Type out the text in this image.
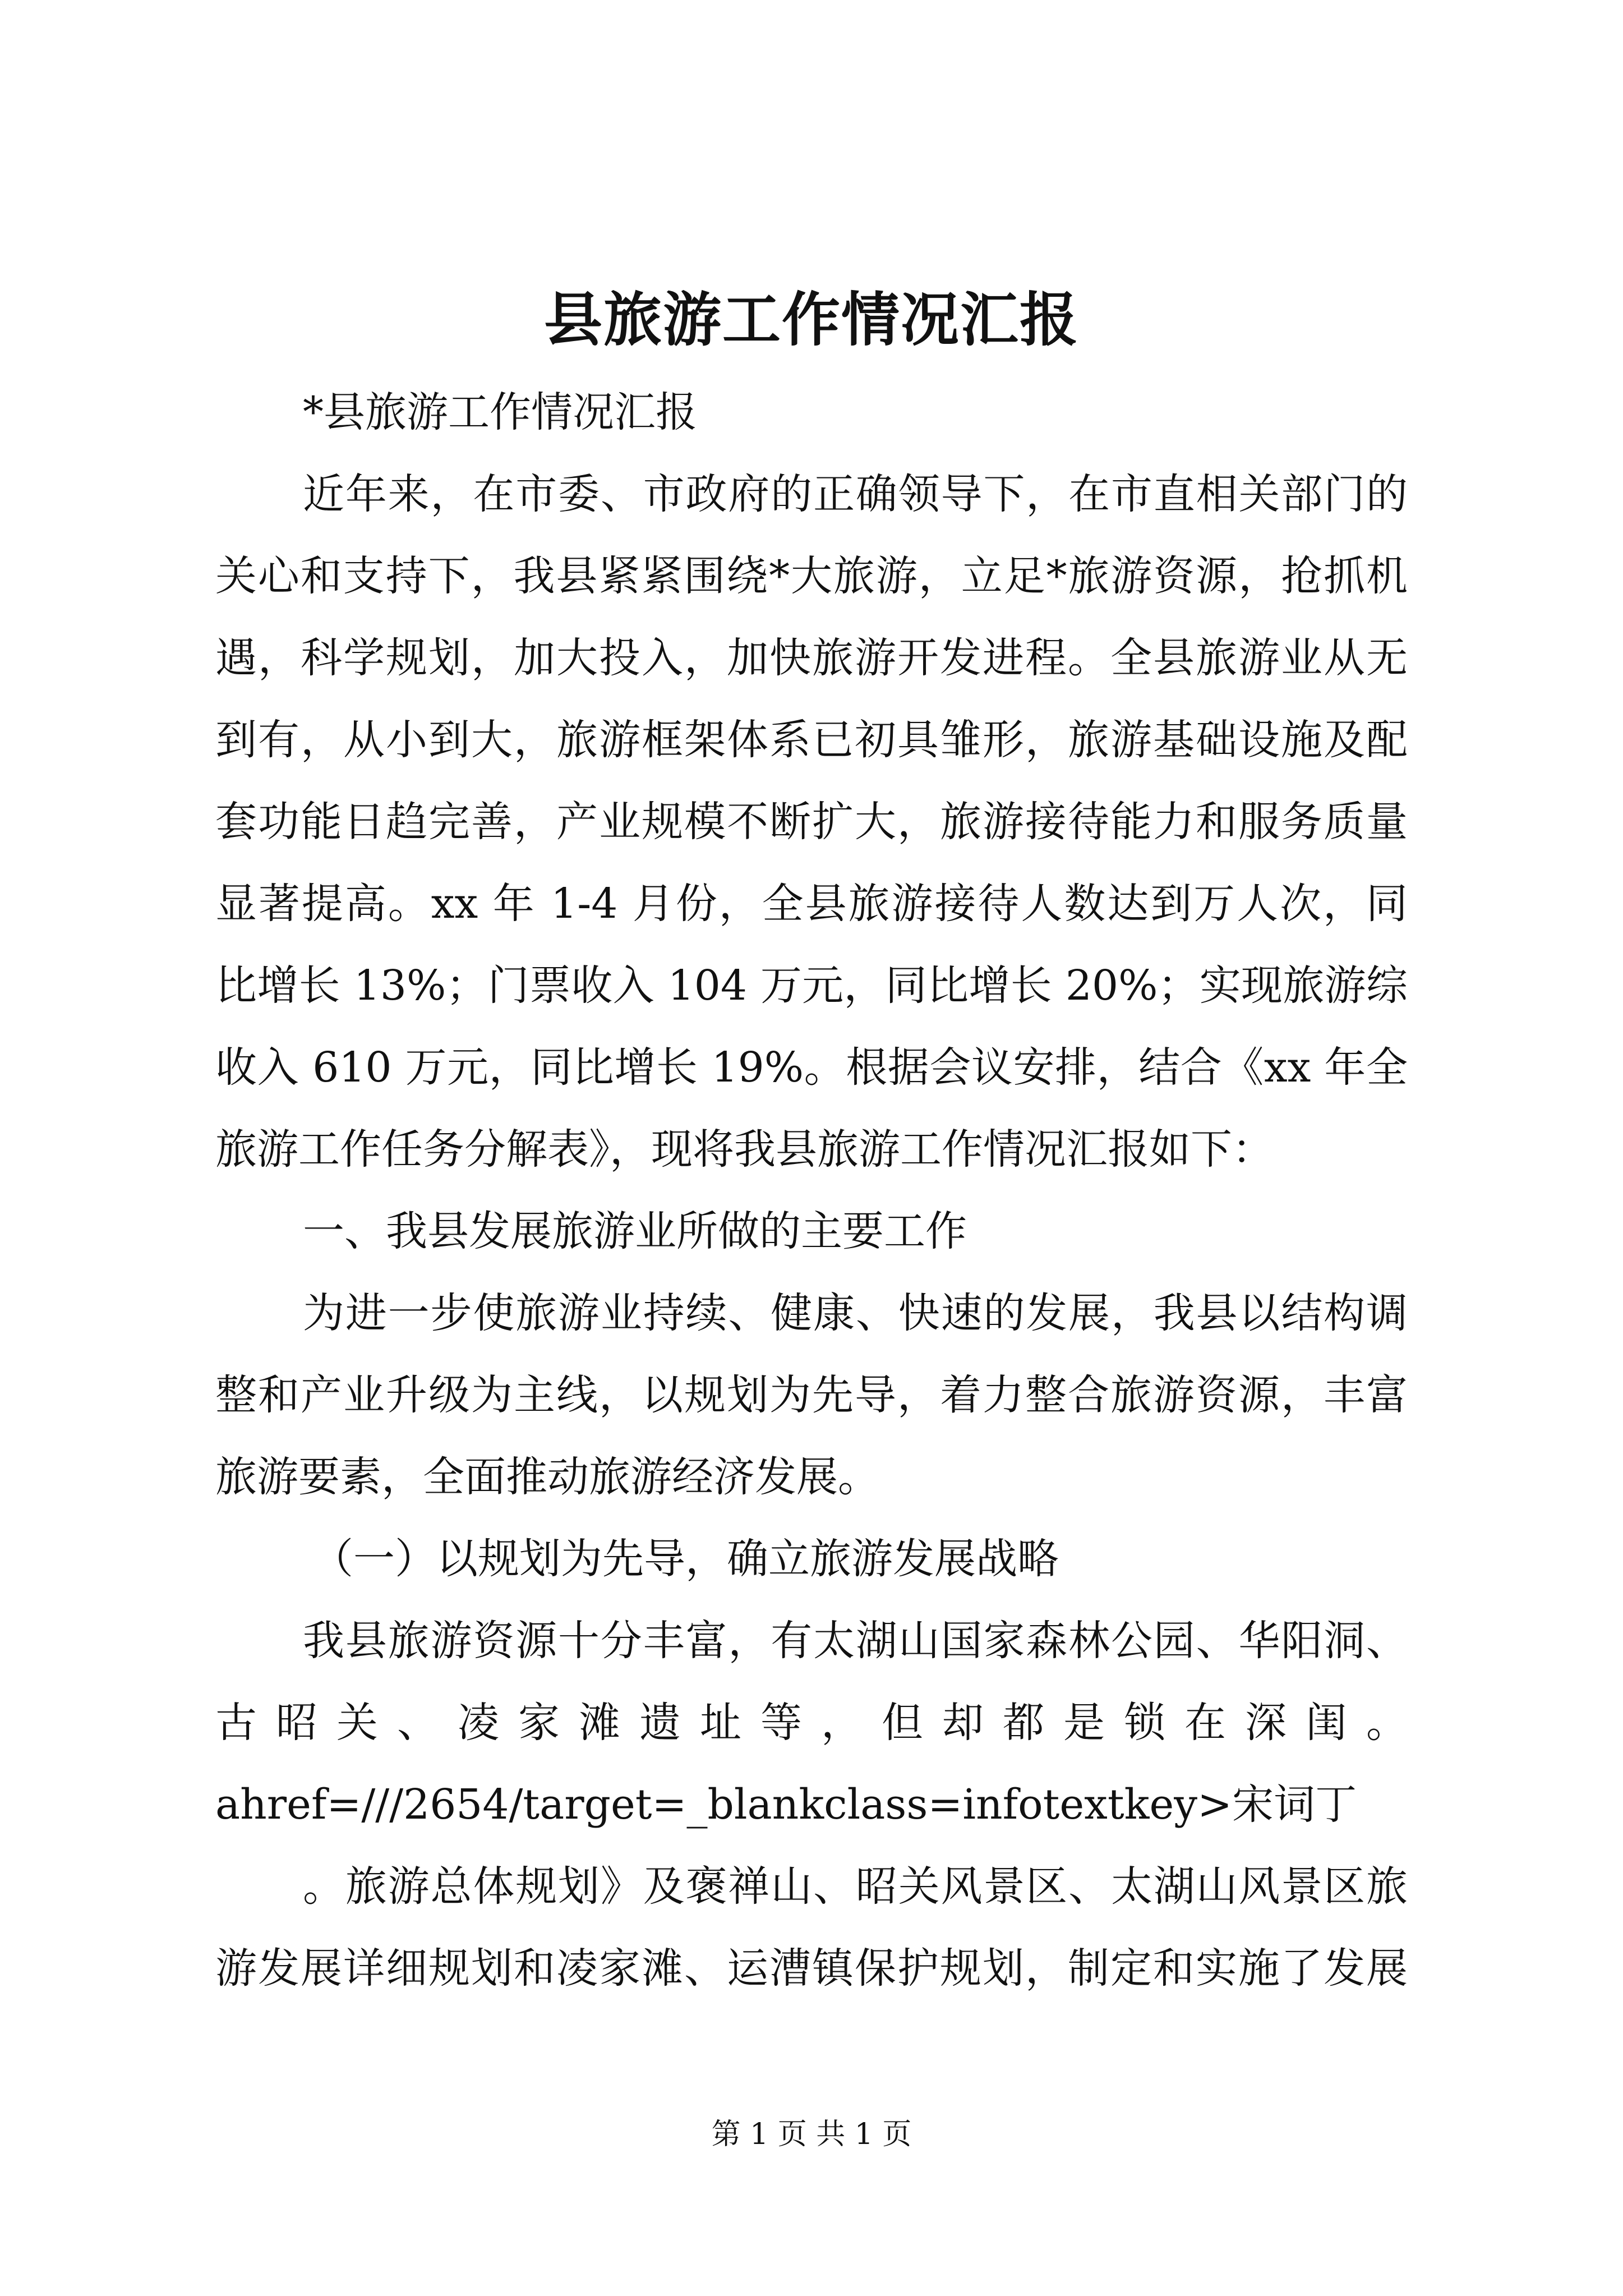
县旅游工作情况汇报
*县旅游工作情况汇报
近年来，在市委、市政府的正确领导下，在市直相关部门的
关心和支持下，我县紧紧围绕*大旅游，立足*旅游资源，抢抓机
遇，科学规划，加大投入，加快旅游开发进程。全县旅游业从无
到有，从小到大，旅游框架体系已初具雏形，旅游基础设施及配
套功能日趋完善，产业规模不断扩大，旅游接待能力和服务质量
显著提高。xx 年 1-4 月份，全县旅游接待人数达到万人次，同
比增长 13%；门票收入 104 万元，同比增长 20%；实现旅游综
收入 610 万元，同比增长 19%。根据会议安排，结合《xx 年全
旅游工作任务分解表》，现将我县旅游工作情况汇报如下：
一、我县发展旅游业所做的主要工作
为进一步使旅游业持续、健康、快速的发展，我县以结构调
整和产业升级为主线，以规划为先导，着力整合旅游资源，丰富
旅游要素，全面推动旅游经济发展。
（一）以规划为先导，确立旅游发展战略
我县旅游资源十分丰富，有太湖山国家森林公园、华阳洞、
古 昭 关 、 凌 家 滩 遗 址 等 ， 但 却 都 是 锁 在 深 闺 。
ahref=///2654/target=_blankclass=infotextkey>宋词丁
。旅游总体规划》及褒禅山、昭关风景区、太湖山风景区旅
游发展详细规划和凌家滩、运漕镇保护规划，制定和实施了发展
第 1 页 共 1 页
